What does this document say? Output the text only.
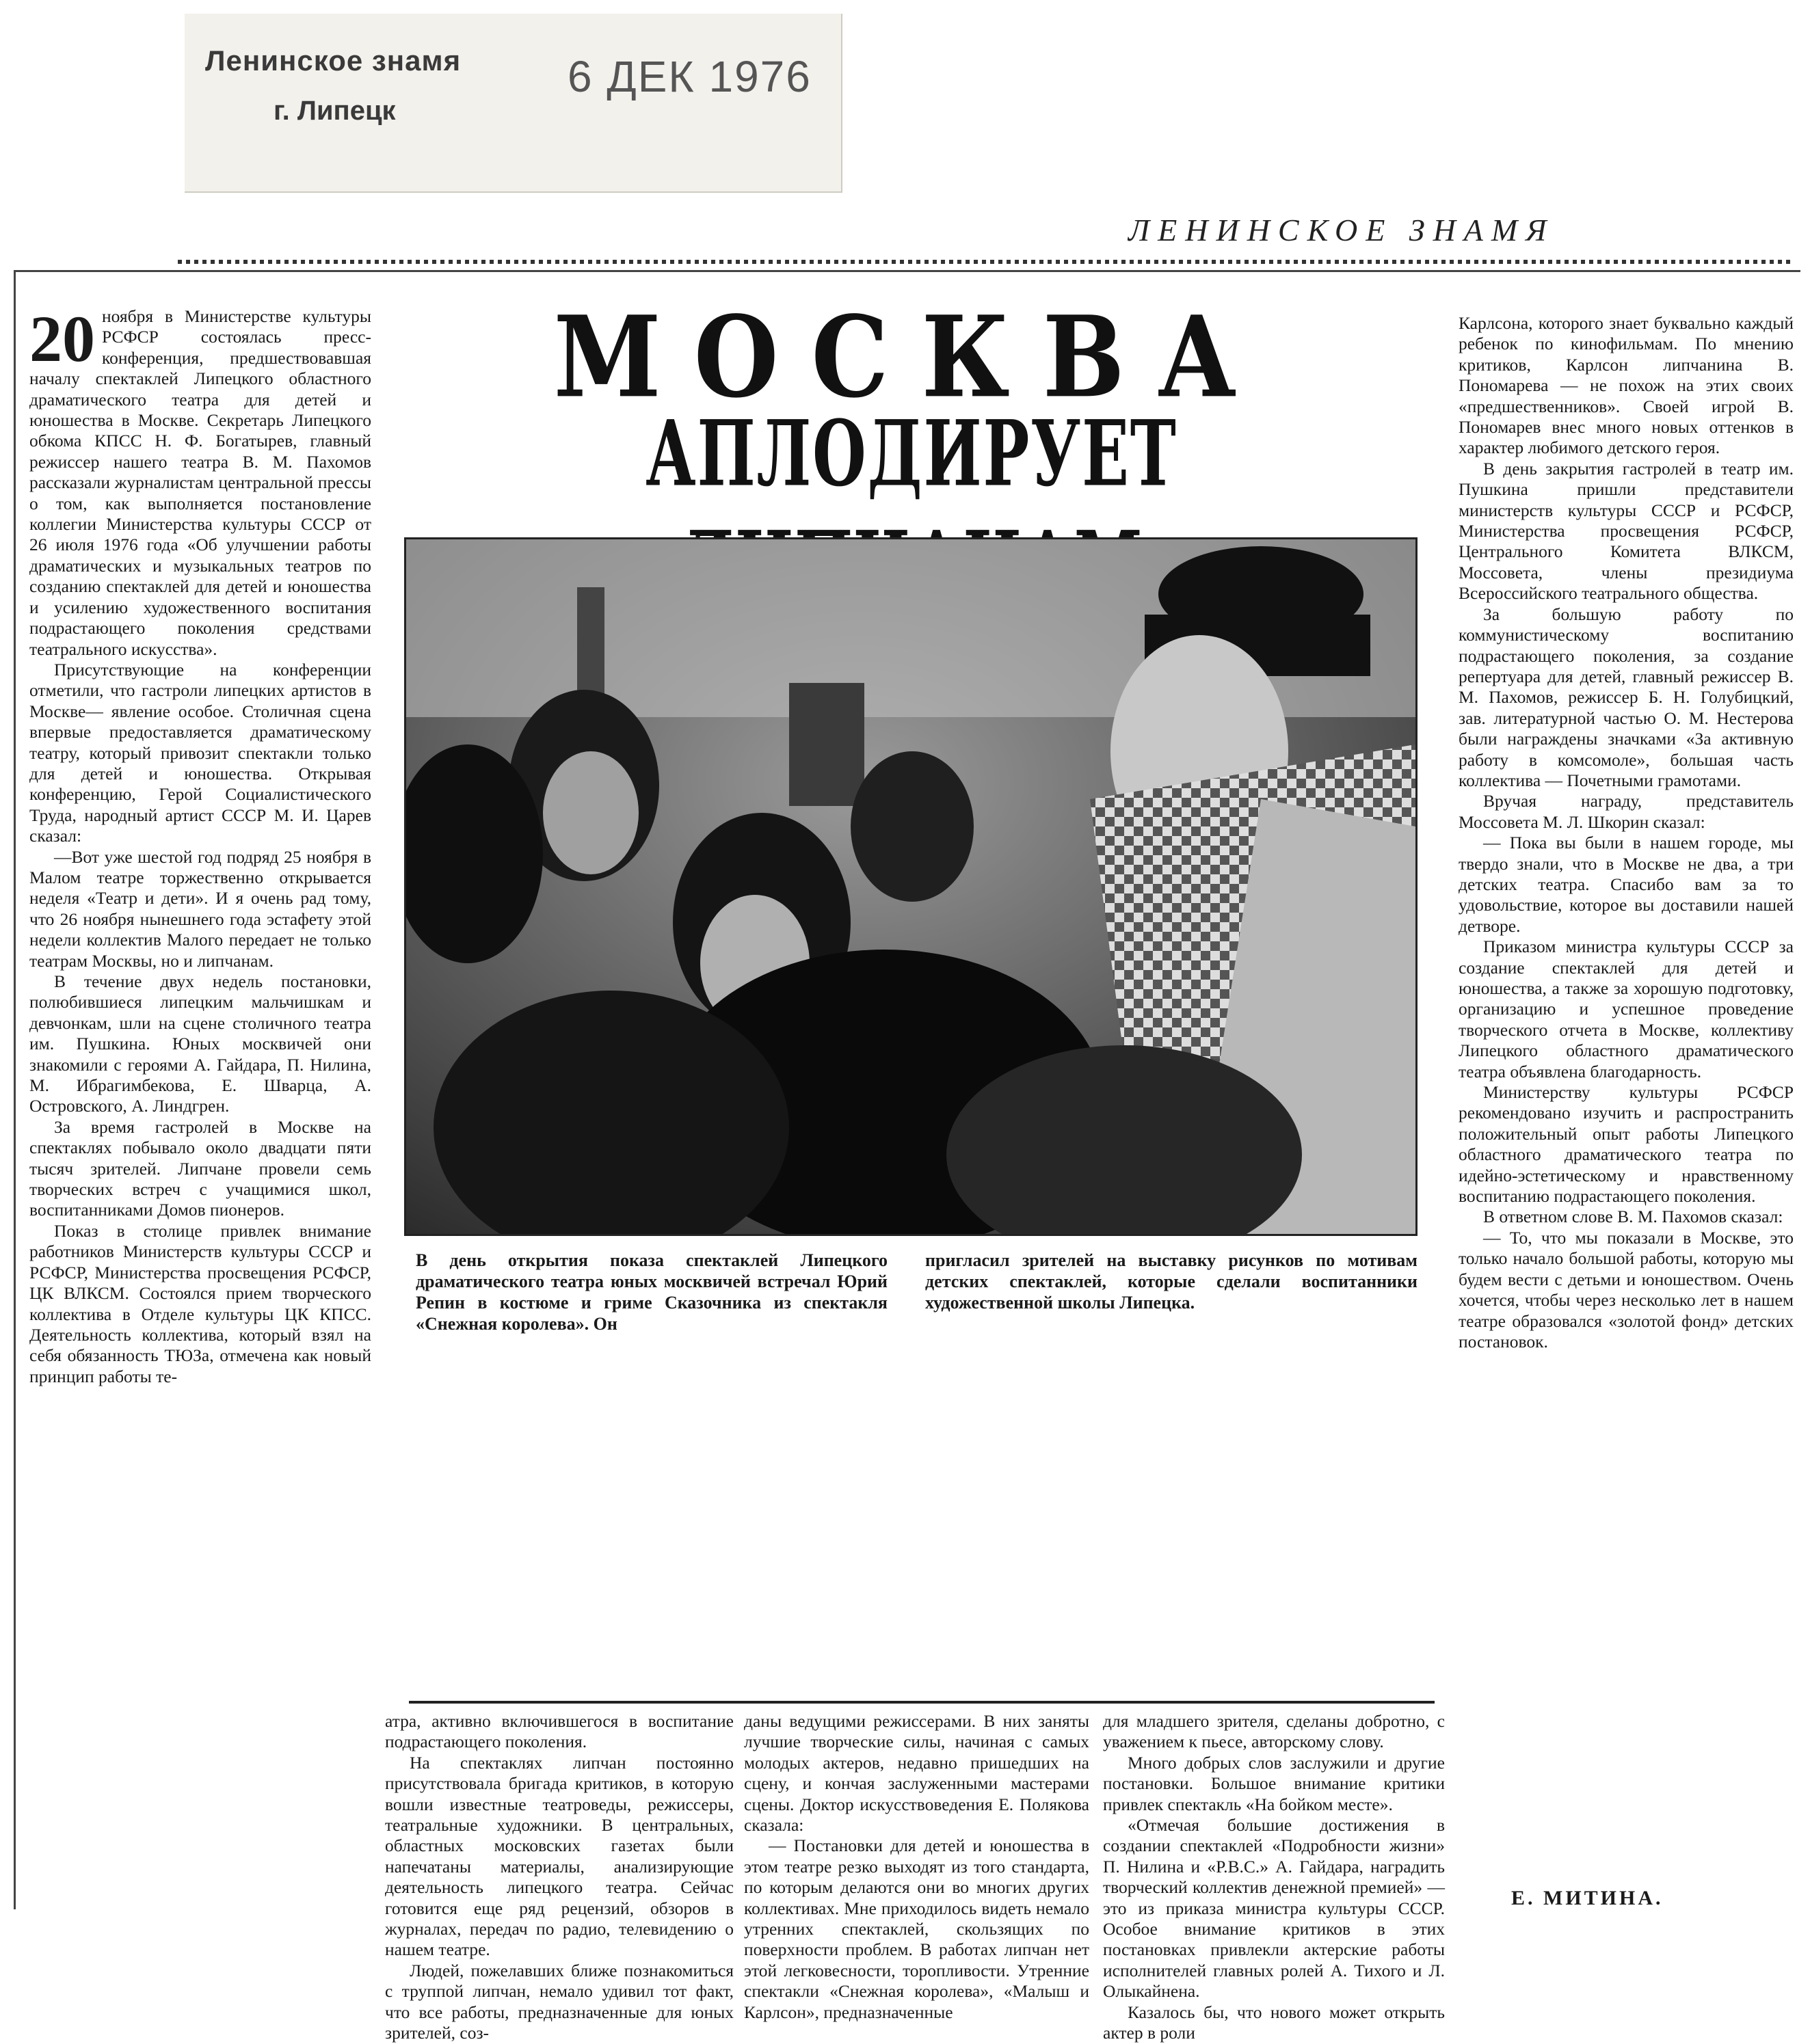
Ленинское знамя
г. Липецк
6 ДЕК 1976
ЛЕНИНСКОЕ ЗНАМЯ

20 ноября в Министерстве культуры РСФСР состоялась пресс-конференция, предшествовавшая началу спектаклей Липецкого областного драматического театра для детей и юношества в Москве. Секретарь Липецкого обкома КПСС Н. Ф. Богатырев, главный режиссер нашего театра В. М. Пахомов рассказали журналистам центральной прессы о том, как выполняется постановление коллегии Министерства культуры СССР от 26 июля 1976 года «Об улучшении работы драматических и музыкальных театров по созданию спектаклей для детей и юношества и усилению художественного воспитания подрастающего поколения средствами театрального искусства».

Присутствующие на конференции отметили, что гастроли липецких артистов в Москве— явление особое. Столичная сцена впервые предоставляется драматическому театру, который привозит спектакли только для детей и юношества. Открывая конференцию, Герой Социалистического Труда, народный артист СССР М. И. Царев сказал:

—Вот уже шестой год подряд 25 ноября в Малом театре торжественно открывается неделя «Театр и дети». И я очень рад тому, что 26 ноября нынешнего года эстафету этой недели коллектив Малого передает не только театрам Москвы, но и липчанам.

В течение двух недель постановки, полюбившиеся липецким мальчишкам и девчонкам, шли на сцене столичного театра им. Пушкина. Юных москвичей они знакомили с героями А. Гайдара, П. Нилина, М. Ибрагимбекова, Е. Шварца, А. Островского, А. Линдгрен.

За время гастролей в Москве на спектаклях побывало около двадцати пяти тысяч зрителей. Липчане провели семь творческих встреч с учащимися школ, воспитанниками Домов пионеров.

Показ в столице привлек внимание работников Министерств культуры СССР и РСФСР, Министерства просвещения РСФСР, ЦК ВЛКСМ. Состоялся прием творческого коллектива в Отделе культуры ЦК КПСС. Деятельность коллектива, который взял на себя обязанность ТЮЗа, отмечена как новый принцип работы те-

МОСКВА
АПЛОДИРУЕТ
В день открытия показа спектаклей Липецкого драматического театра юных москвичей встречал Юрий Репин в костюме и гриме Сказочника из спектакля «Снежная королева». Он
пригласил зрителей на выставку рисунков по мотивам детских спектаклей, которые сделали воспитанники художественной школы Липецка.

атра, активно включившегося в воспитание подрастающего поколения.

На спектаклях липчан постоянно присутствовала бригада критиков, в которую вошли известные театроведы, режиссеры, театральные художники. В центральных, областных московских газетах были напечатаны материалы, анализирующие деятельность липецкого театра. Сейчас готовится еще ряд рецензий, обзоров в журналах, передач по радио, телевидению о нашем театре.

Людей, пожелавших ближе познакомиться с труппой липчан, немало удивил тот факт, что все работы, предназначенные для юных зрителей, соз-

даны ведущими режиссерами. В них заняты лучшие творческие силы, начиная с самых молодых актеров, недавно пришедших на сцену, и кончая заслуженными мастерами сцены. Доктор искусствоведения Е. Полякова сказала:

— Постановки для детей и юношества в этом театре резко выходят из того стандарта, по которым делаются они во многих других коллективах. Мне приходилось видеть немало утренних спектаклей, скользящих по поверхности проблем. В работах липчан нет этой легковесности, торопливости. Утренние спектакли «Снежная королева», «Малыш и Карлсон», предназначенные

для младшего зрителя, сделаны добротно, с уважением к пьесе, авторскому слову.

Много добрых слов заслужили и другие постановки. Большое внимание критики привлек спектакль «На бойком месте».

«Отмечая большие достижения в создании спектаклей «Подробности жизни» П. Нилина и «Р.В.С.» А. Гайдара, наградить творческий коллектив денежной премией» — это из приказа министра культуры СССР. Особое внимание критиков в этих постановках привлекли актерские работы исполнителей главных ролей А. Тихого и Л. Олыкайнена.

Казалось бы, что нового может открыть актер в роли

Карлсона, которого знает буквально каждый ребенок по кинофильмам. По мнению критиков, Карлсон липчанина В. Пономарева — не похож на этих своих «предшественников». Своей игрой В. Пономарев внес много новых оттенков в характер любимого детского героя.

В день закрытия гастролей в театр им. Пушкина пришли представители министерств культуры СССР и РСФСР, Министерства просвещения РСФСР, Центрального Комитета ВЛКСМ, Моссовета, члены президиума Всероссийского театрального общества.

За большую работу по коммунистическому воспитанию подрастающего поколения, за создание репертуара для детей, главный режиссер В. М. Пахомов, режиссер Б. Н. Голубицкий, зав. литературной частью О. М. Нестерова были награждены значками «За активную работу в комсомоле», большая часть коллектива — Почетными грамотами.

Вручая награду, представитель Моссовета М. Л. Шкорин сказал:

— Пока вы были в нашем городе, мы твердо знали, что в Москве не два, а три детских театра. Спасибо вам за то удовольствие, которое вы доставили нашей детворе.

Приказом министра культуры СССР за создание спектаклей для детей и юношества, а также за хорошую подготовку, организацию и успешное проведение творческого отчета в Москве, коллективу Липецкого областного драматического театра объявлена благодарность.

Министерству культуры РСФСР рекомендовано изучить и распространить положительный опыт работы Липецкого областного драматического театра по идейно-эстетическому и нравственному воспитанию подрастающего поколения.

В ответном слове В. М. Пахомов сказал:

— То, что мы показали в Москве, это только начало большой работы, которую мы будем вести с детьми и юношеством. Очень хочется, чтобы через несколько лет в нашем театре образовался «золотой фонд» детских постановок.

Е. МИТИНА.
